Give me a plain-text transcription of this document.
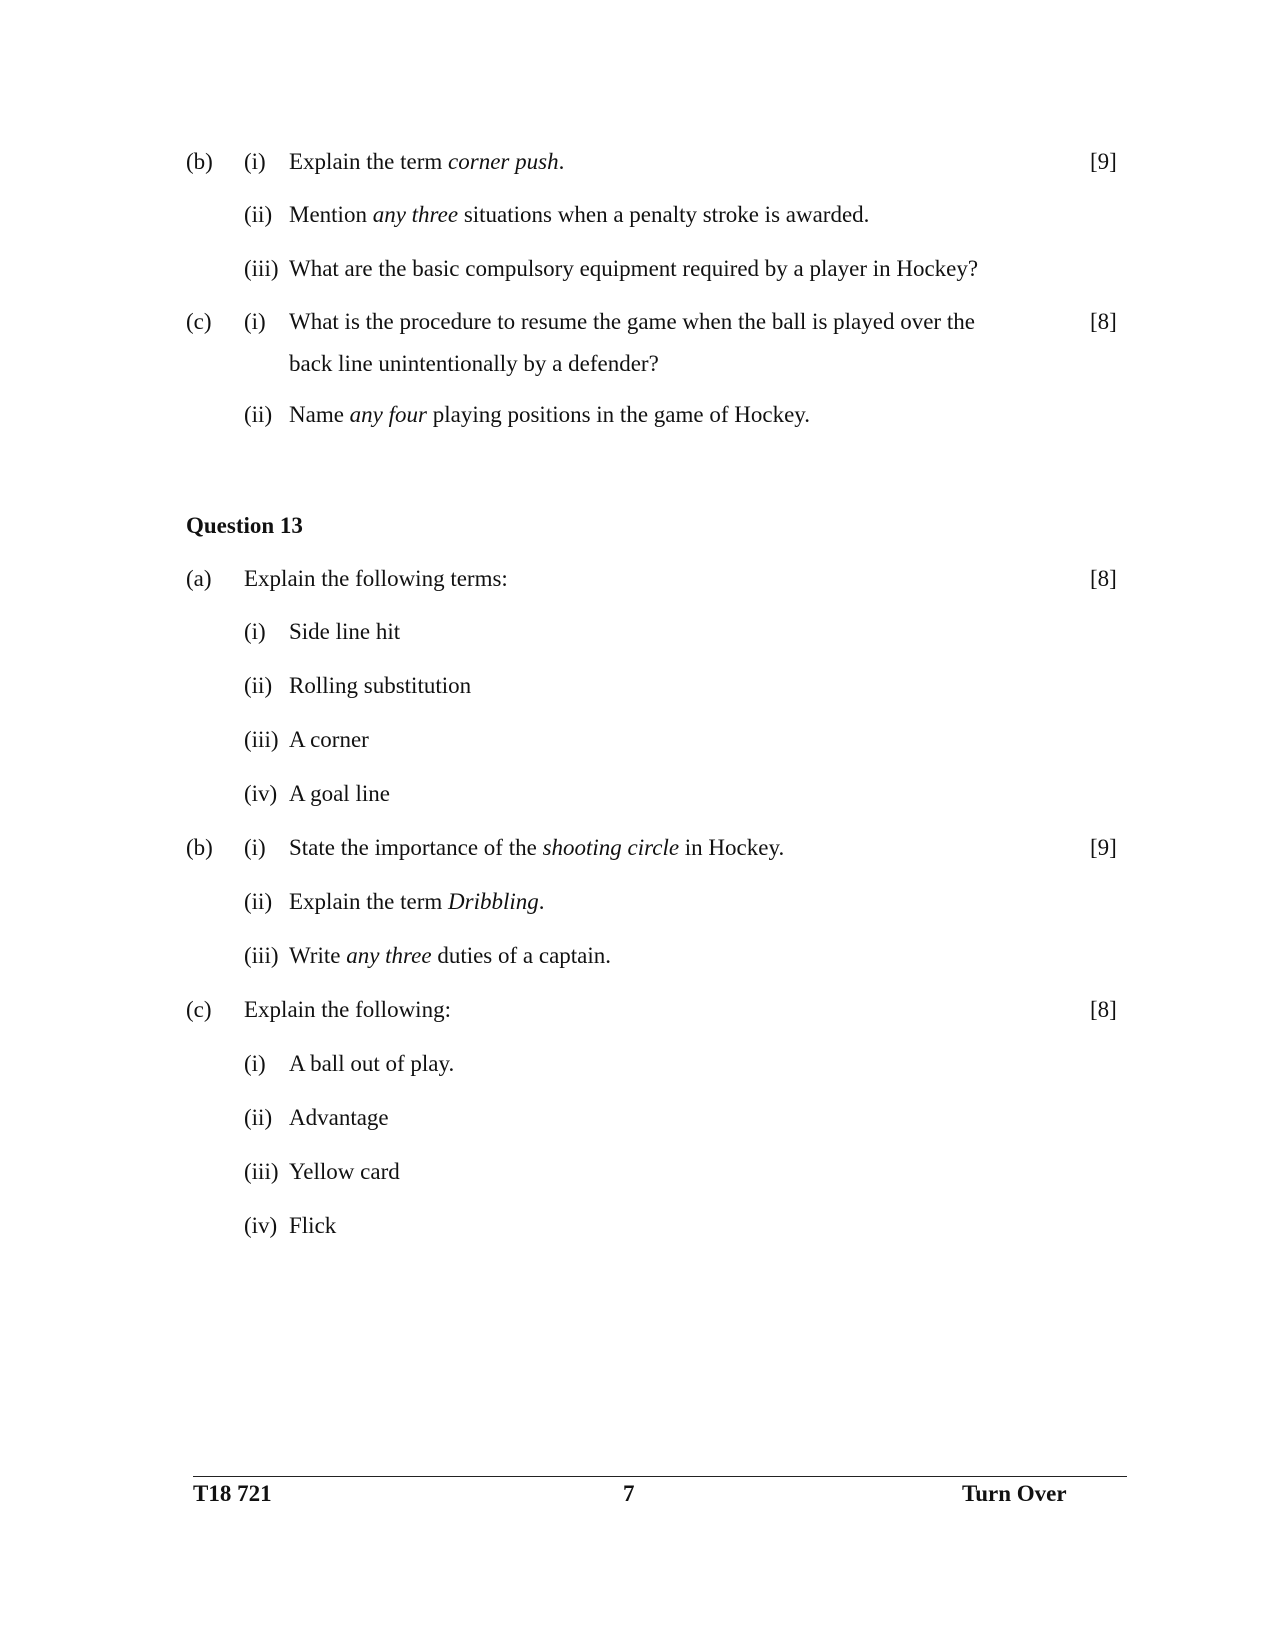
(b) (i) Explain the term corner push.	[9]
(ii) Mention any three situations when a penalty stroke is awarded.
(iii) What are the basic compulsory equipment required by a player in Hockey?
(c) (i) What is the procedure to resume the game when the ball is played over the	[8]
back line unintentionally by a defender?
(ii) Name any four playing positions in the game of Hockey.
Question 13
(a) Explain the following terms:	[8]
(i) Side line hit
(ii) Rolling substitution
(iii) A corner
(iv) A goal line
(b) (i) State the importance of the shooting circle in Hockey.	[9]
(ii) Explain the term Dribbling.
(iii) Write any three duties of a captain.
(c) Explain the following:	[8]
(i) A ball out of play.
(ii) Advantage
(iii) Yellow card
(iv) Flick
T18 721	7	Turn Over
